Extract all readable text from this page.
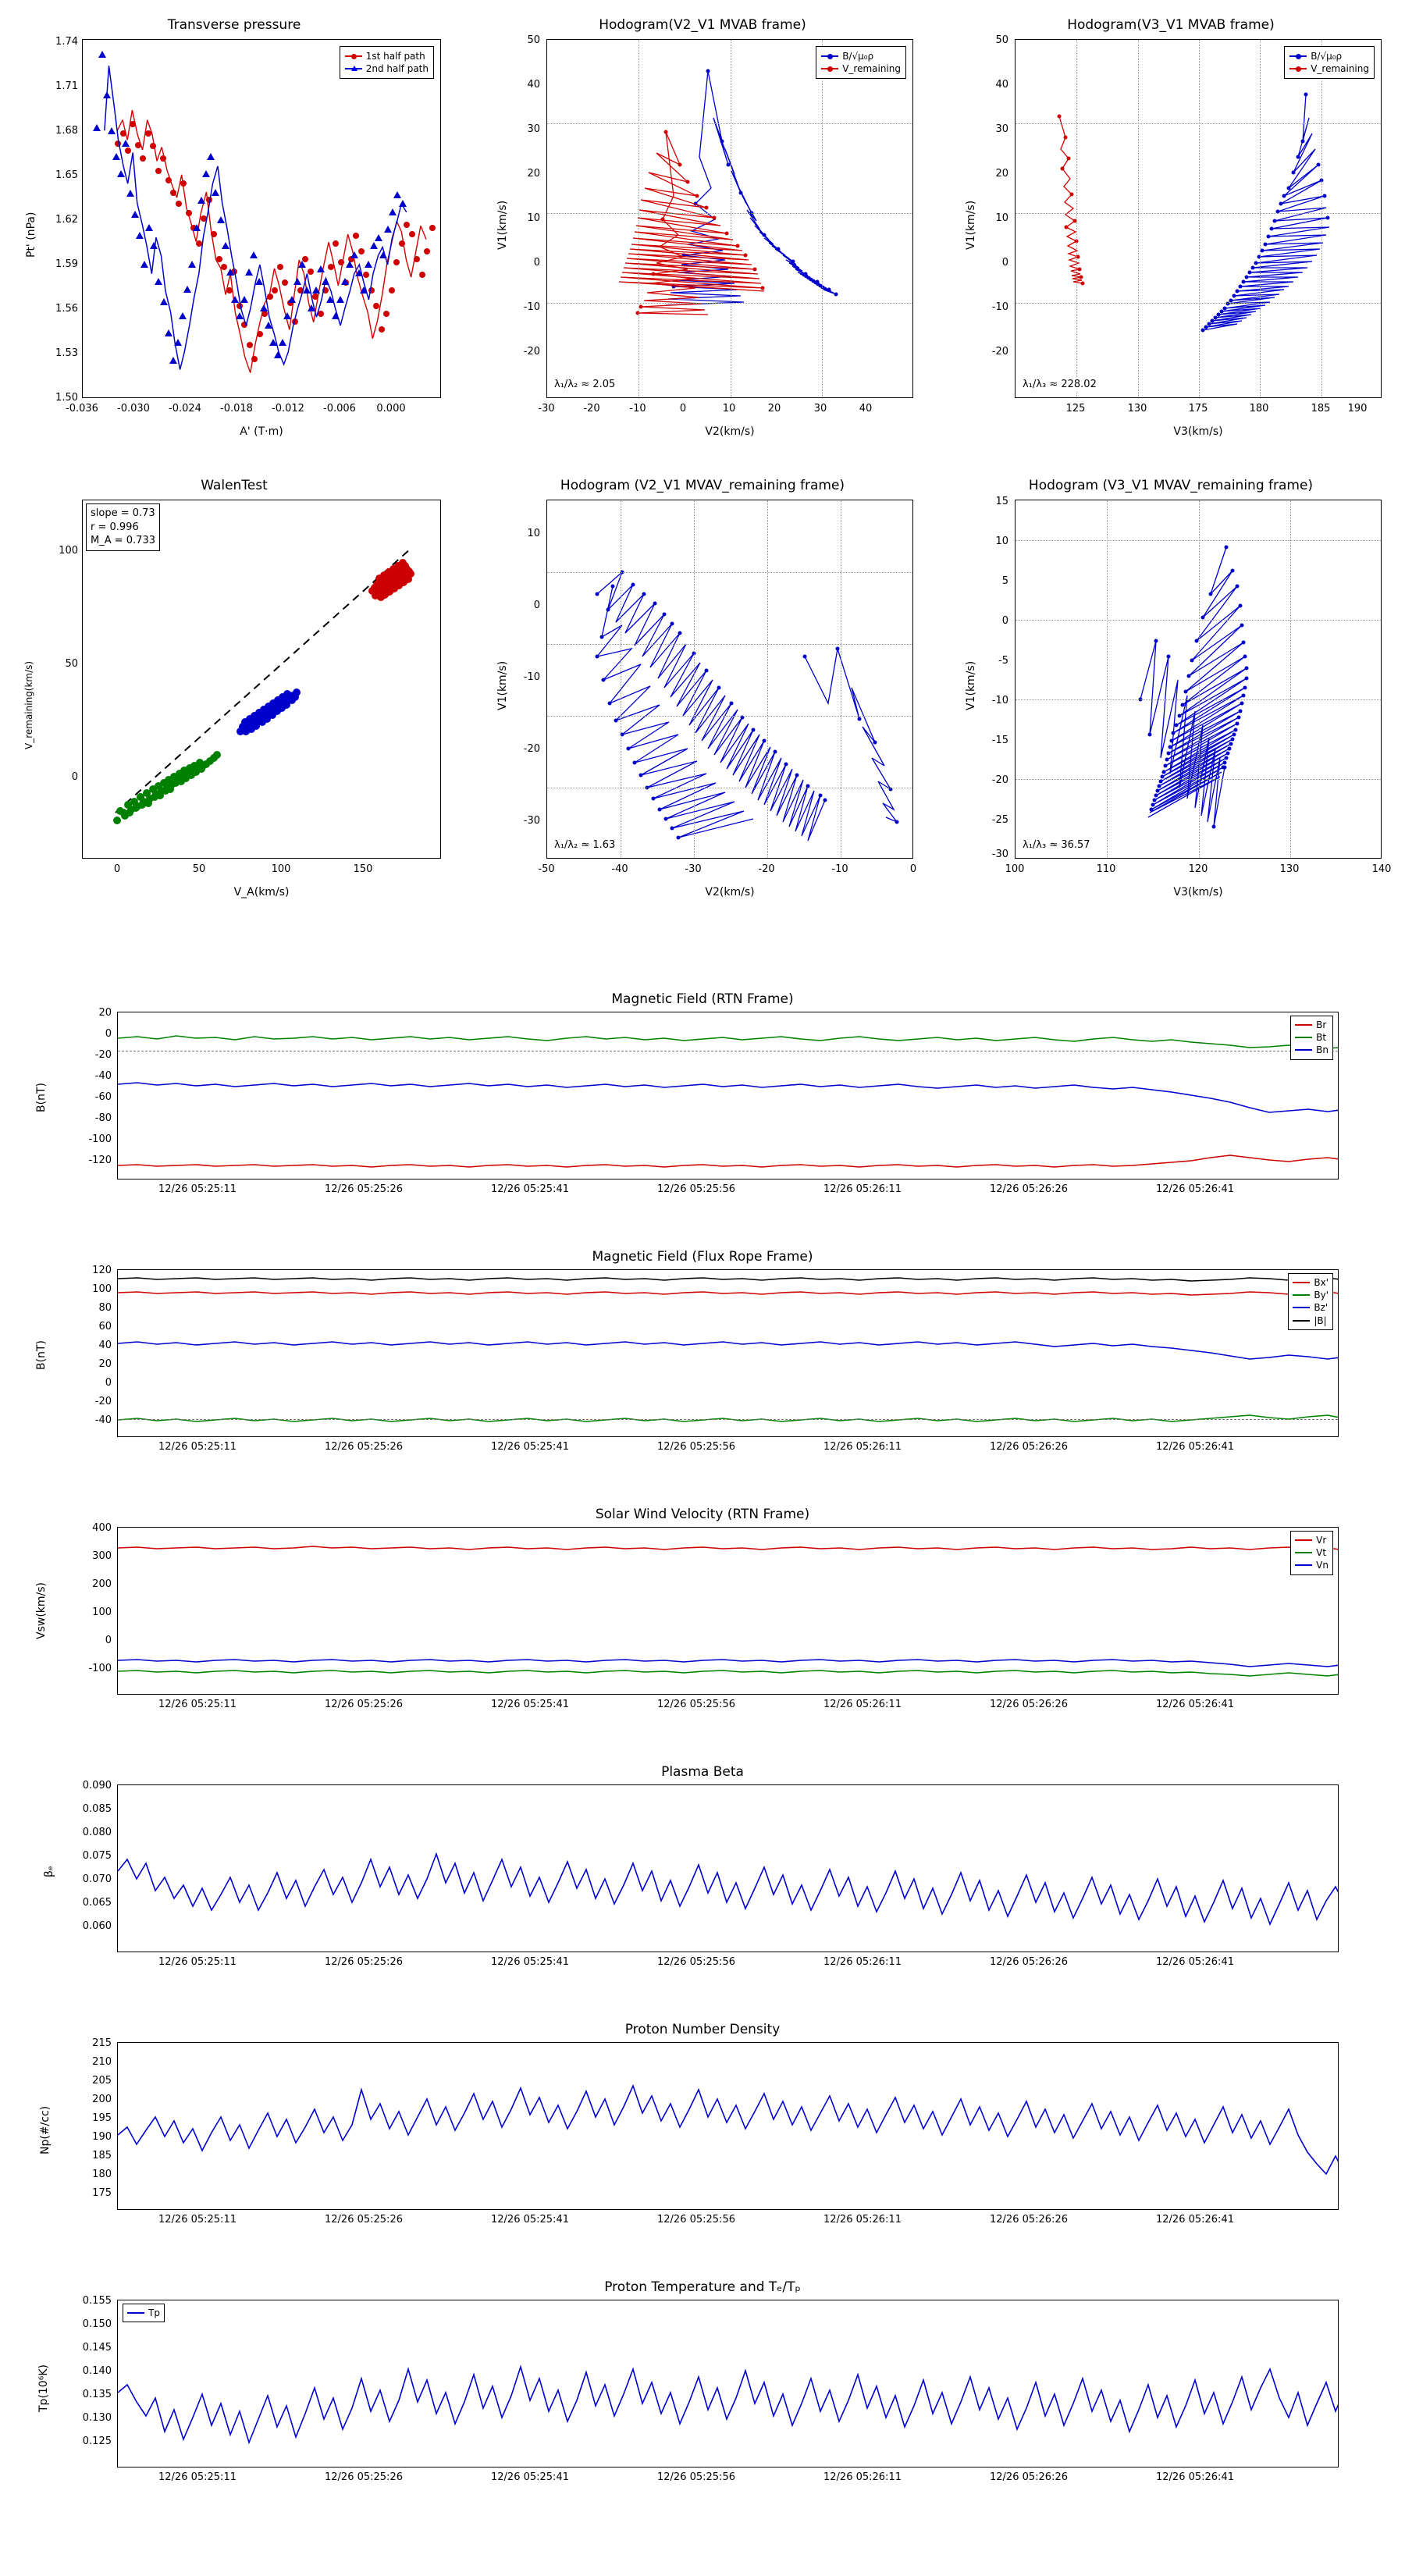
Transverse pressure
1st half path
2nd half path
Pt' (nPa)
A' (T·m)
1.50
1.53
1.56
1.59
1.62
1.65
1.68
1.71
1.74
-0.036	-0.030	-0.024	-0.018	-0.012	-0.006	0.000
Hodogram(V2_V1 MVAB frame)
B/√μ₀ρ
V_remaining
λ₁/λ₂ ≈ 2.05
V1(km/s)
V2(km/s)
50
40
30
20
10
0
-10
-20
-30	-20	-10	0	10	20	30	40
Hodogram(V3_V1 MVAB frame)
B/√μ₀ρ
V_remaining
λ₁/λ₃ ≈ 228.02
V1(km/s)
V3(km/s)
50
40
30
20
10
0
-10
-20
125	130	175	180	185	190
WalenTest
slope = 0.73
r = 0.996
M_A = 0.733
V_remaining(km/s)
V_A(km/s)
100
50
0
0	50	100	150
Hodogram (V2_V1 MVAV_remaining frame)
λ₁/λ₂ ≈ 1.63
V1(km/s)
V2(km/s)
10
0
-10
-20
-30
-50	-40	-30	-20	-10	0
Hodogram (V3_V1 MVAV_remaining frame)
λ₁/λ₃ ≈ 36.57
V1(km/s)
V3(km/s)
15
10
5
0
-5
-10
-15
-20
-25
-30
100	110	120	130	140
Magnetic Field (RTN Frame)
Br
Bt
Bn
B(nT)
20
0
-20
-40
-60
-80
-100
-120
12/26 05:25:11	12/26 05:25:26	12/26 05:25:41	12/26 05:25:56	12/26 05:26:11	12/26 05:26:26	12/26 05:26:41
Magnetic Field (Flux Rope Frame)
Bx'
By'
Bz'
|B|
B(nT)
120
100
80
60
40
20
0
-20
-40
12/26 05:25:11	12/26 05:25:26	12/26 05:25:41	12/26 05:25:56	12/26 05:26:11	12/26 05:26:26	12/26 05:26:41
Solar Wind Velocity (RTN Frame)
Vr
Vt
Vn
Vsw(km/s)
400
300
200
100
0
-100
12/26 05:25:11	12/26 05:25:26	12/26 05:25:41	12/26 05:25:56	12/26 05:26:11	12/26 05:26:26	12/26 05:26:41
Plasma Beta
βₑ
0.090
0.085
0.080
0.075
0.070
0.065
0.060
12/26 05:25:11	12/26 05:25:26	12/26 05:25:41	12/26 05:25:56	12/26 05:26:11	12/26 05:26:26	12/26 05:26:41
Proton Number Density
Np(#/cc)
215
210
205
200
195
190
185
180
175
12/26 05:25:11	12/26 05:25:26	12/26 05:25:41	12/26 05:25:56	12/26 05:26:11	12/26 05:26:26	12/26 05:26:41
Proton Temperature and Tₑ/Tₚ
Tp
Tp(10⁶K)
0.155
0.150
0.145
0.140
0.135
0.130
0.125
12/26 05:25:11	12/26 05:25:26	12/26 05:25:41	12/26 05:25:56	12/26 05:26:11	12/26 05:26:26	12/26 05:26:41
